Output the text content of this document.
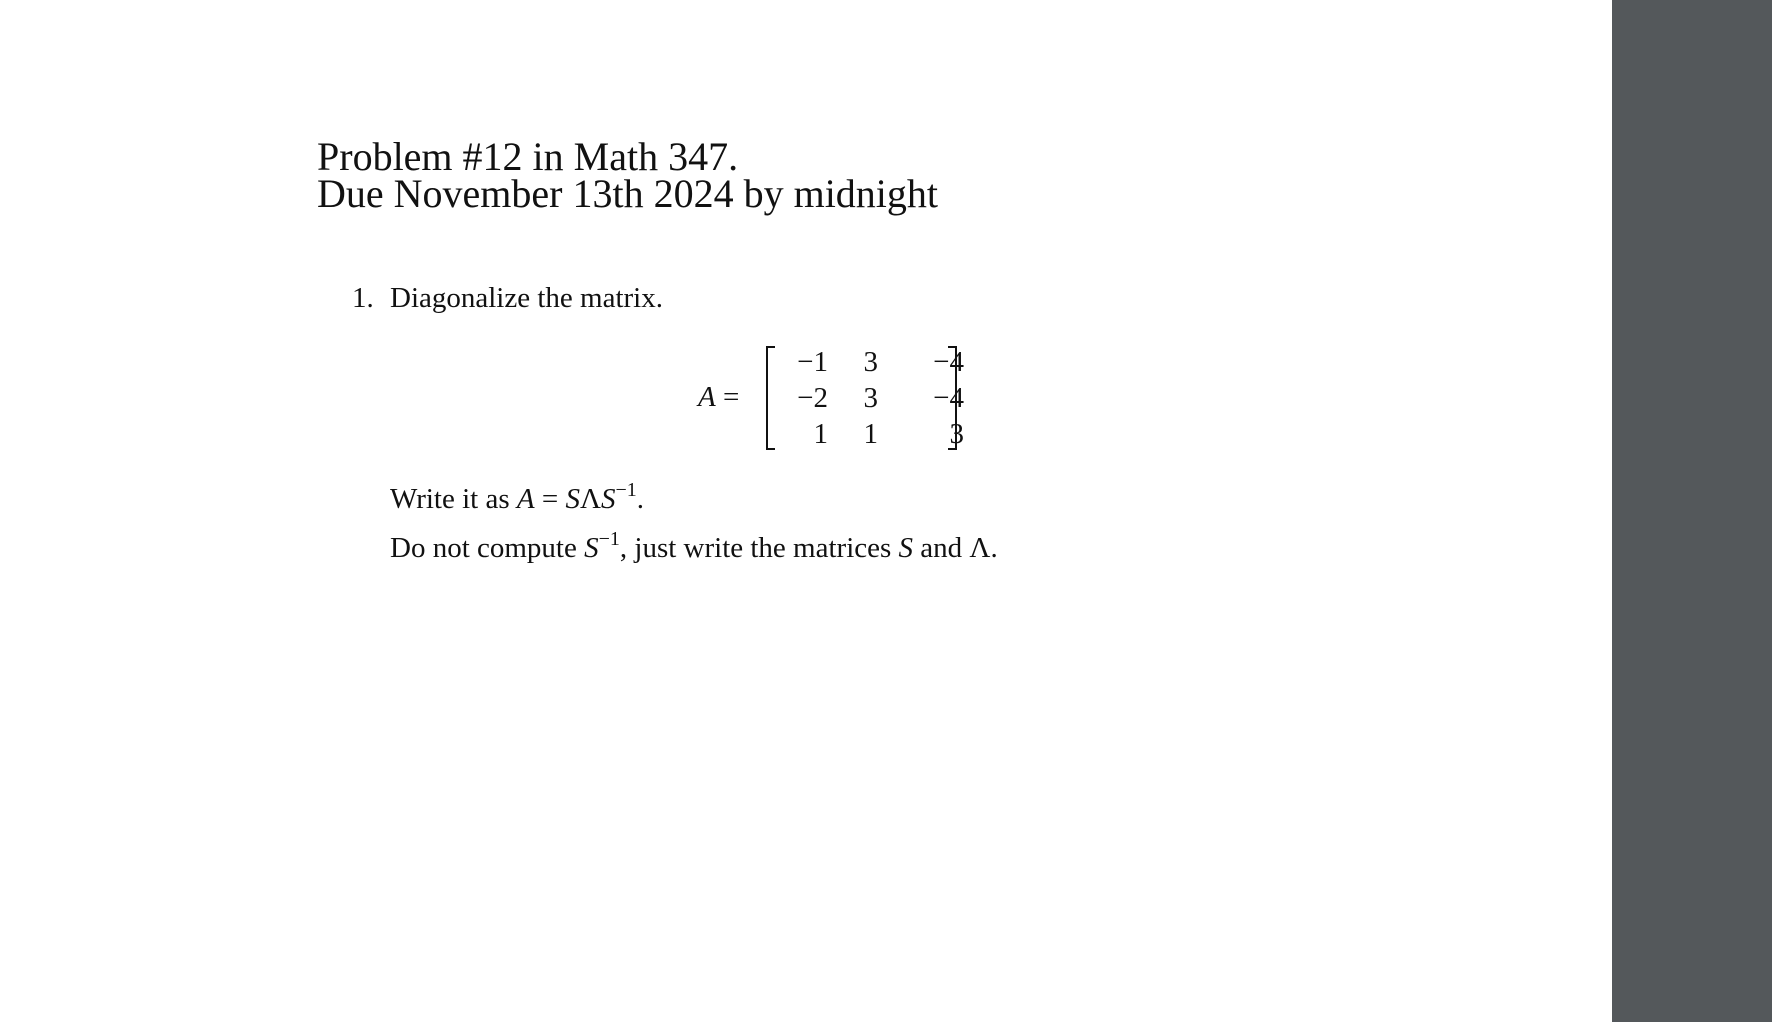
Problem #12 in Math 347.
Due November 13th 2024 by midnight
1. Diagonalize the matrix.
A =
−1	3	−4
−2	3	−4
1	1	3
Write it as $A = S\Lambda S^{-1}$.
Do not compute $S^{-1}$, just write the matrices S and Λ.
